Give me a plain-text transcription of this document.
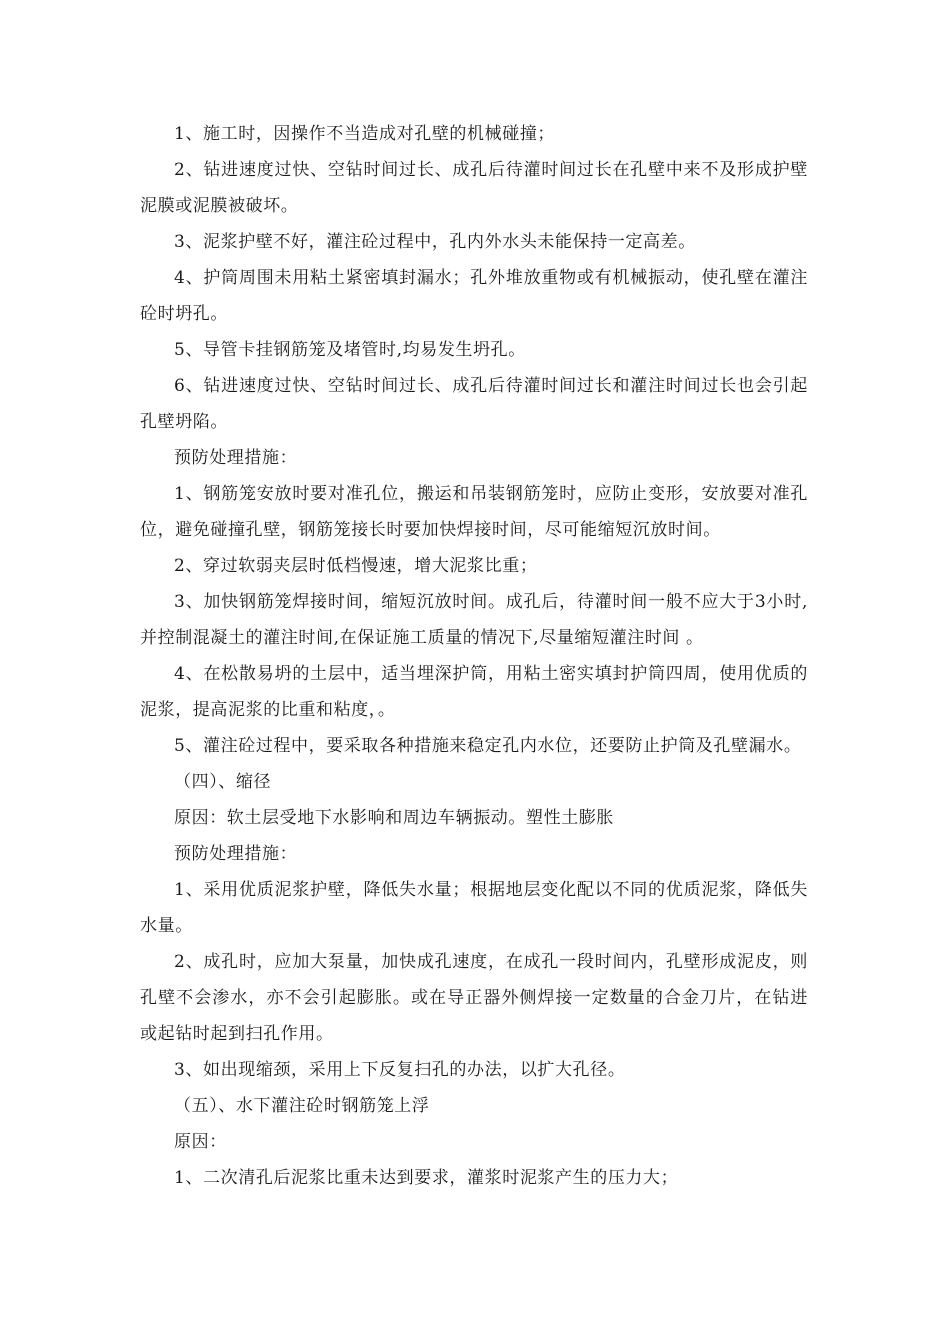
1、施工时，因操作不当造成对孔壁的机械碰撞；

2、钻进速度过快、空钻时间过长、成孔后待灌时间过长在孔壁中来不及形成护壁泥膜或泥膜被破坏。

3、泥浆护壁不好，灌注砼过程中，孔内外水头未能保持一定高差。

4、护筒周围未用粘土紧密填封漏水；孔外堆放重物或有机械振动，使孔壁在灌注砼时坍孔。

5、导管卡挂钢筋笼及堵管时,均易发生坍孔。

6、钻进速度过快、空钻时间过长、成孔后待灌时间过长和灌注时间过长也会引起孔壁坍陷。

预防处理措施：

1、钢筋笼安放时要对准孔位，搬运和吊装钢筋笼时，应防止变形，安放要对准孔位，避免碰撞孔壁，钢筋笼接长时要加快焊接时间，尽可能缩短沉放时间。

2、穿过软弱夹层时低档慢速，增大泥浆比重；

3、加快钢筋笼焊接时间，缩短沉放时间。成孔后，待灌时间一般不应大于3小时,并控制混凝土的灌注时间,在保证施工质量的情况下,尽量缩短灌注时间 。

4、在松散易坍的土层中，适当埋深护筒，用粘土密实填封护筒四周，使用优质的泥浆，提高泥浆的比重和粘度，。

5、灌注砼过程中，要采取各种措施来稳定孔内水位，还要防止护筒及孔壁漏水。

（四）、缩径

原因：软土层受地下水影响和周边车辆振动。塑性土膨胀

预防处理措施：

1、采用优质泥浆护壁，降低失水量；根据地层变化配以不同的优质泥浆，降低失水量。

2、成孔时，应加大泵量，加快成孔速度，在成孔一段时间内，孔壁形成泥皮，则孔壁不会渗水，亦不会引起膨胀。或在导正器外侧焊接一定数量的合金刀片，在钻进或起钻时起到扫孔作用。

3、如出现缩颈，采用上下反复扫孔的办法，以扩大孔径。

（五）、水下灌注砼时钢筋笼上浮

原因：

1、二次清孔后泥浆比重未达到要求，灌浆时泥浆产生的压力大；
